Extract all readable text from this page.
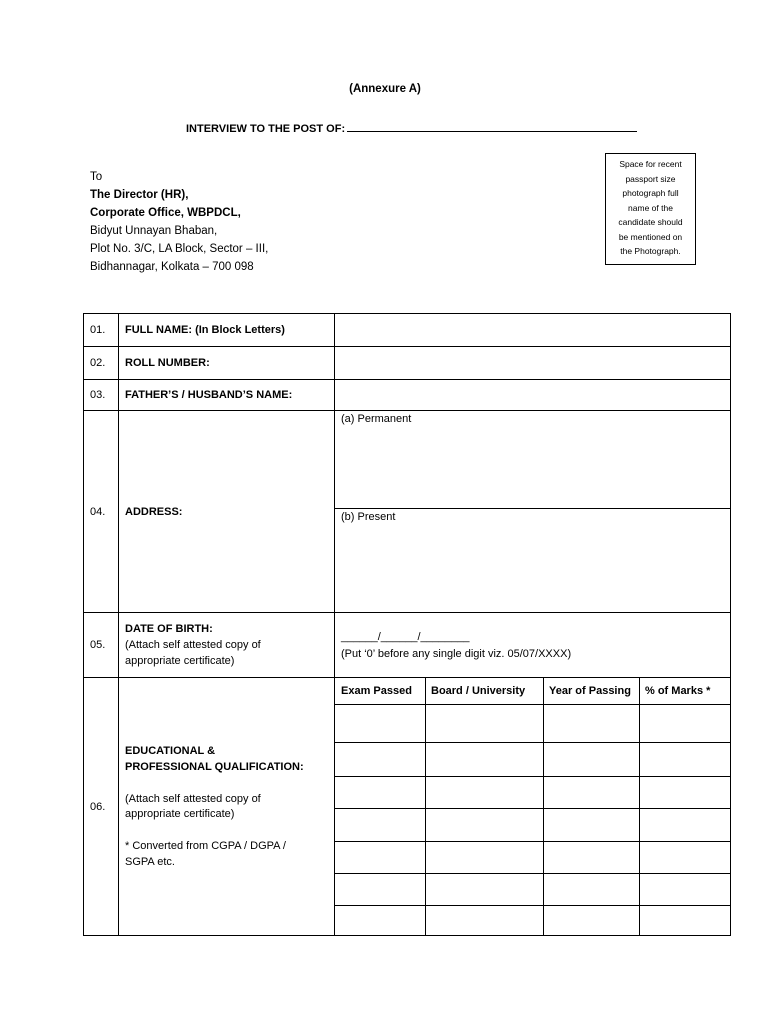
(Annexure A)
INTERVIEW TO THE POST OF:
To
The Director (HR),
Corporate Office, WBPDCL,
Bidyut Unnayan Bhaban,
Plot No. 3/C, LA Block, Sector – III,
Bidhannagar, Kolkata – 700 098
Space for recent
passport size
photograph full
name of the
candidate should
be mentioned on
the Photograph.
01. FULL NAME: (In Block Letters)
02. ROLL NUMBER:
03. FATHER’S / HUSBAND’S NAME:
04. ADDRESS:
(a) Permanent
(b) Present
05.
DATE OF BIRTH:
(Attach self attested copy of
appropriate certificate)
______/______/________
(Put ‘0’ before any single digit viz. 05/07/XXXX)
06.
EDUCATIONAL &
PROFESSIONAL QUALIFICATION:
(Attach self attested copy of
appropriate certificate)
* Converted from CGPA / DGPA /
SGPA etc.
Exam Passed Board / University Year of Passing % of Marks *
